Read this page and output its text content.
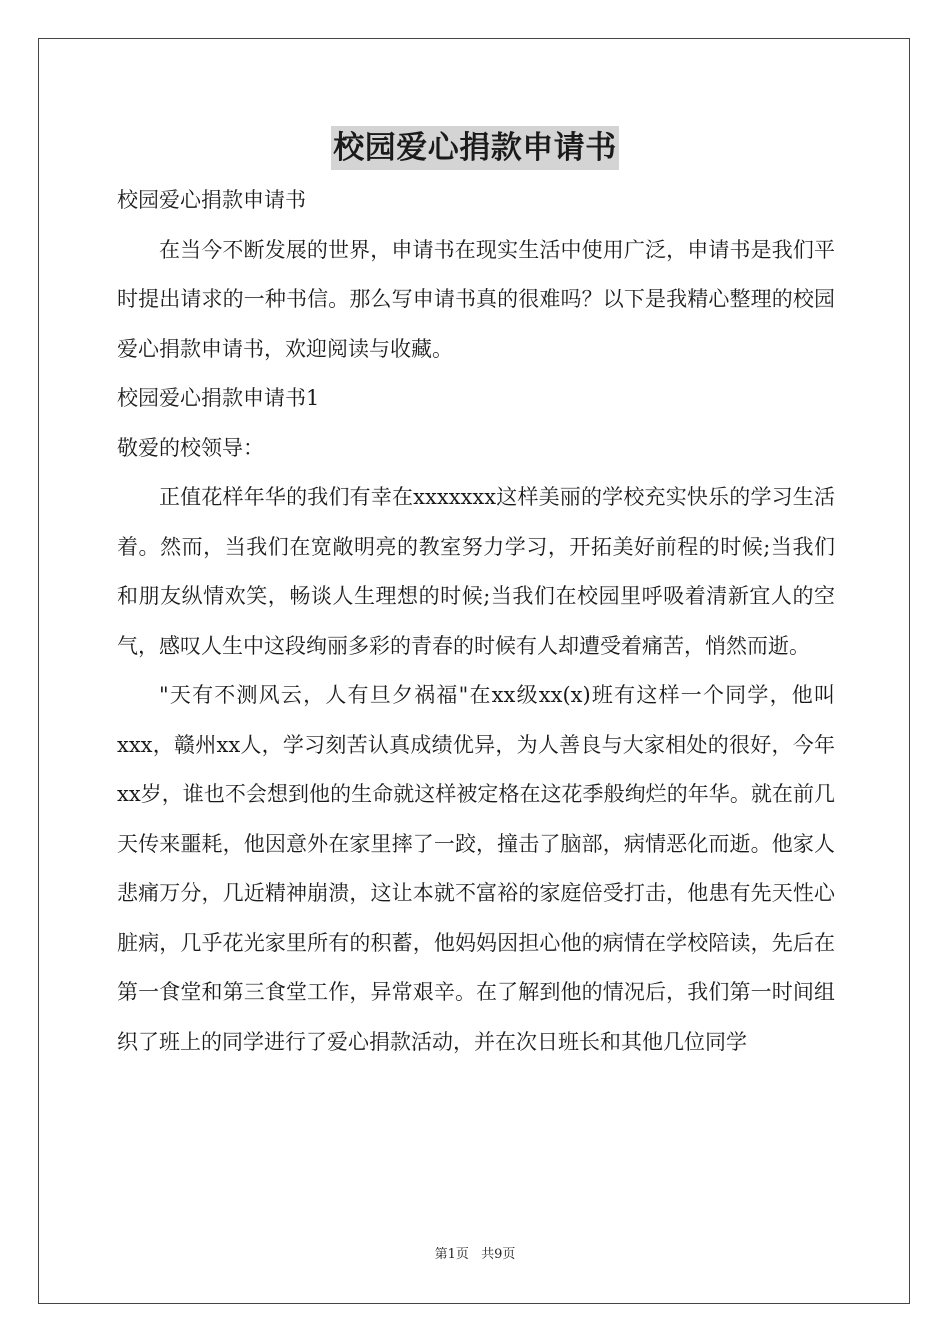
校园爱心捐款申请书

校园爱心捐款申请书

在当今不断发展的世界，申请书在现实生活中使用广泛，申请书是我们平时提出请求的一种书信。那么写申请书真的很难吗？以下是我精心整理的校园爱心捐款申请书，欢迎阅读与收藏。

校园爱心捐款申请书1

敬爱的校领导：

正值花样年华的我们有幸在xxxxxxx这样美丽的学校充实快乐的学习生活着。然而，当我们在宽敞明亮的教室努力学习，开拓美好前程的时候;当我们和朋友纵情欢笑，畅谈人生理想的时候;当我们在校园里呼吸着清新宜人的空气，感叹人生中这段绚丽多彩的青春的时候有人却遭受着痛苦，悄然而逝。

"天有不测风云，人有旦夕祸福"在xx级xx(x)班有这样一个同学，他叫xxx，赣州xx人，学习刻苦认真成绩优异，为人善良与大家相处的很好，今年xx岁，谁也不会想到他的生命就这样被定格在这花季般绚烂的年华。就在前几天传来噩耗，他因意外在家里摔了一跤，撞击了脑部，病情恶化而逝。他家人悲痛万分，几近精神崩溃，这让本就不富裕的家庭倍受打击，他患有先天性心脏病，几乎花光家里所有的积蓄，他妈妈因担心他的病情在学校陪读，先后在第一食堂和第三食堂工作，异常艰辛。在了解到他的情况后，我们第一时间组织了班上的同学进行了爱心捐款活动，并在次日班长和其他几位同学

第1页 共9页
